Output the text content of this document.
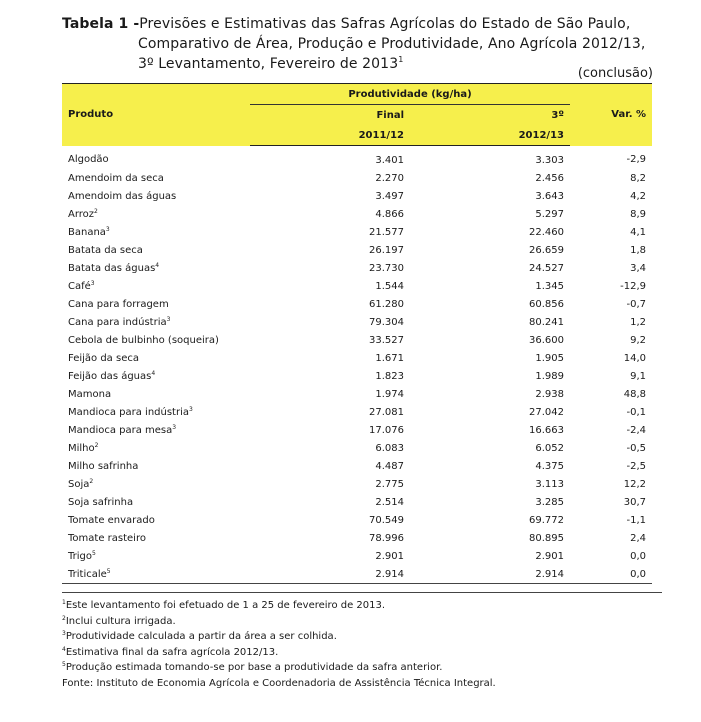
Tabela 1 - Previsões e Estimativas das Safras Agrícolas do Estado de São Paulo, Comparativo de Área, Produção e Produtividade, Ano Agrícola 2012/13, 3º Levantamento, Fevereiro de 2013$^1$
(conclusão)
Produto	Produtividade (kg/ha)		Var. %
	Final	3º	
	2011/12	2012/13	
Algodão	3.401	3.303	-2,9
Amendoim da seca	2.270	2.456	8,2
Amendoim das águas	3.497	3.643	4,2
Arroz$^2$	4.866	5.297	8,9
Banana$^3$	21.577	22.460	4,1
Batata da seca	26.197	26.659	1,8
Batata das águas$^4$	23.730	24.527	3,4
Café$^3$	1.544	1.345	-12,9
Cana para forragem	61.280	60.856	-0,7
Cana para indústria$^3$	79.304	80.241	1,2
Cebola de bulbinho (soqueira)	33.527	36.600	9,2
Feijão da seca	1.671	1.905	14,0
Feijão das águas$^4$	1.823	1.989	9,1
Mamona	1.974	2.938	48,8
Mandioca para indústria$^3$	27.081	27.042	-0,1
Mandioca para mesa$^3$	17.076	16.663	-2,4
Milho$^2$	6.083	6.052	-0,5
Milho safrinha	4.487	4.375	-2,5
Soja$^2$	2.775	3.113	12,2
Soja safrinha	2.514	3.285	30,7
Tomate envarado	70.549	69.772	-1,1
Tomate rasteiro	78.996	80.895	2,4
Trigo$^5$	2.901	2.901	0,0
Triticale$^5$	2.914	2.914	0,0
$^1$Este levantamento foi efetuado de 1 a 25 de fevereiro de 2013.
$^2$Inclui cultura irrigada.
$^3$Produtividade calculada a partir da área a ser colhida.
$^4$Estimativa final da safra agrícola 2012/13.
$^5$Produção estimada tomando-se por base a produtividade da safra anterior.
Fonte: Instituto de Economia Agrícola e Coordenadoria de Assistência Técnica Integral.
